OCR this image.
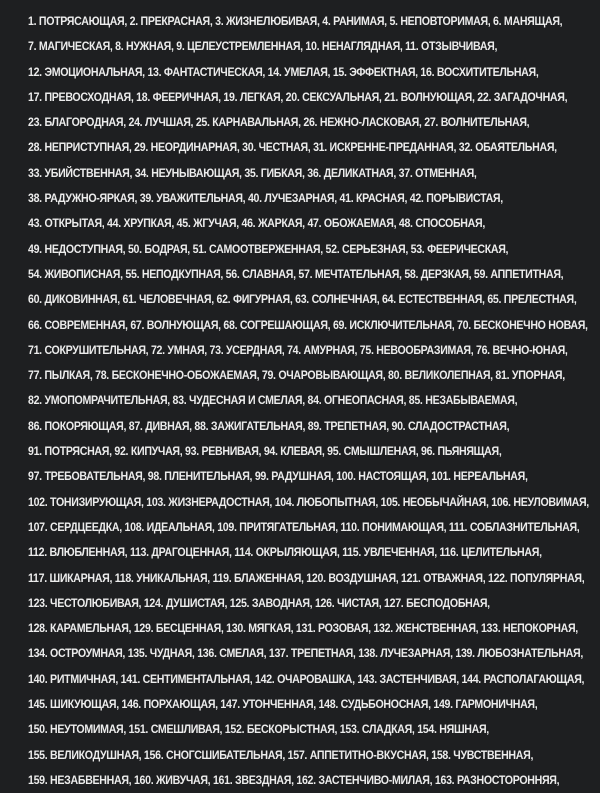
1. ПОТРЯСАЮЩАЯ, 2. ПРЕКРАСНАЯ, 3. ЖИЗНЕЛЮБИВАЯ, 4. РАНИМАЯ, 5. НЕПОВТОРИМАЯ, 6. МАНЯЩАЯ,
7. МАГИЧЕСКАЯ, 8. НУЖНАЯ, 9. ЦЕЛЕУСТРЕМЛЕННАЯ, 10. НЕНАГЛЯДНАЯ, 11. ОТЗЫВЧИВАЯ,
12. ЭМОЦИОНАЛЬНАЯ, 13. ФАНТАСТИЧЕСКАЯ, 14. УМЕЛАЯ, 15. ЭФФЕКТНАЯ, 16. ВОСХИТИТЕЛЬНАЯ,
17. ПРЕВОСХОДНАЯ, 18. ФЕЕРИЧНАЯ, 19. ЛЕГКАЯ, 20. СЕКСУАЛЬНАЯ, 21. ВОЛНУЮЩАЯ, 22. ЗАГАДОЧНАЯ,
23. БЛАГОРОДНАЯ, 24. ЛУЧШАЯ, 25. КАРНАВАЛЬНАЯ, 26. НЕЖНО-ЛАСКОВАЯ, 27. ВОЛНИТЕЛЬНАЯ,
28. НЕПРИСТУПНАЯ, 29. НЕОРДИНАРНАЯ, 30. ЧЕСТНАЯ, 31. ИСКРЕННЕ-ПРЕДАННАЯ, 32. ОБАЯТЕЛЬНАЯ,
33. УБИЙСТВЕННАЯ, 34. НЕУНЫВАЮЩАЯ, 35. ГИБКАЯ, 36. ДЕЛИКАТНАЯ, 37. ОТМЕННАЯ,
38. РАДУЖНО-ЯРКАЯ, 39. УВАЖИТЕЛЬНАЯ, 40. ЛУЧЕЗАРНАЯ, 41. КРАСНАЯ, 42. ПОРЫВИСТАЯ,
43. ОТКРЫТАЯ, 44. ХРУПКАЯ, 45. ЖГУЧАЯ, 46. ЖАРКАЯ, 47. ОБОЖАЕМАЯ, 48. СПОСОБНАЯ,
49. НЕДОСТУПНАЯ, 50. БОДРАЯ, 51. САМООТВЕРЖЕННАЯ, 52. СЕРЬЕЗНАЯ, 53. ФЕЕРИЧЕСКАЯ,
54. ЖИВОПИСНАЯ, 55. НЕПОДКУПНАЯ, 56. СЛАВНАЯ, 57. МЕЧТАТЕЛЬНАЯ, 58. ДЕРЗКАЯ, 59. АППЕТИТНАЯ,
60. ДИКОВИННАЯ, 61. ЧЕЛОВЕЧНАЯ, 62. ФИГУРНАЯ, 63. СОЛНЕЧНАЯ, 64. ЕСТЕСТВЕННАЯ, 65. ПРЕЛЕСТНАЯ,
66. СОВРЕМЕННАЯ, 67. ВОЛНУЮЩАЯ, 68. СОГРЕШАЮЩАЯ, 69. ИСКЛЮЧИТЕЛЬНАЯ, 70. БЕСКОНЕЧНО НОВАЯ,
71. СОКРУШИТЕЛЬНАЯ, 72. УМНАЯ, 73. УСЕРДНАЯ, 74. АМУРНАЯ, 75. НЕВООБРАЗИМАЯ, 76. ВЕЧНО-ЮНАЯ,
77. ПЫЛКАЯ, 78. БЕСКОНЕЧНО-ОБОЖАЕМАЯ, 79. ОЧАРОВЫВАЮЩАЯ, 80. ВЕЛИКОЛЕПНАЯ, 81. УПОРНАЯ,
82. УМОПОМРАЧИТЕЛЬНАЯ, 83. ЧУДЕСНАЯ И СМЕЛАЯ, 84. ОГНЕОПАСНАЯ, 85. НЕЗАБЫВАЕМАЯ,
86. ПОКОРЯЮЩАЯ, 87. ДИВНАЯ, 88. ЗАЖИГАТЕЛЬНАЯ, 89. ТРЕПЕТНАЯ, 90. СЛАДОСТРАСТНАЯ,
91. ПОТРЯСНАЯ, 92. КИПУЧАЯ, 93. РЕВНИВАЯ, 94. КЛЕВАЯ, 95. СМЫШЛЕНАЯ, 96. ПЬЯНЯЩАЯ,
97. ТРЕБОВАТЕЛЬНАЯ, 98. ПЛЕНИТЕЛЬНАЯ, 99. РАДУШНАЯ, 100. НАСТОЯЩАЯ, 101. НЕРЕАЛЬНАЯ,
102. ТОНИЗИРУЮЩАЯ, 103. ЖИЗНЕРАДОСТНАЯ, 104. ЛЮБОПЫТНАЯ, 105. НЕОБЫЧАЙНАЯ, 106. НЕУЛОВИМАЯ,
107. СЕРДЦЕЕДКА, 108. ИДЕАЛЬНАЯ, 109. ПРИТЯГАТЕЛЬНАЯ, 110. ПОНИМАЮЩАЯ, 111. СОБЛАЗНИТЕЛЬНАЯ,
112. ВЛЮБЛЕННАЯ, 113. ДРАГОЦЕННАЯ, 114. ОКРЫЛЯЮЩАЯ, 115. УВЛЕЧЕННАЯ, 116. ЦЕЛИТЕЛЬНАЯ,
117. ШИКАРНАЯ, 118. УНИКАЛЬНАЯ, 119. БЛАЖЕННАЯ, 120. ВОЗДУШНАЯ, 121. ОТВАЖНАЯ, 122. ПОПУЛЯРНАЯ,
123. ЧЕСТОЛЮБИВАЯ, 124. ДУШИСТАЯ, 125. ЗАВОДНАЯ, 126. ЧИСТАЯ, 127. БЕСПОДОБНАЯ,
128. КАРАМЕЛЬНАЯ, 129. БЕСЦЕННАЯ, 130. МЯГКАЯ, 131. РОЗОВАЯ, 132. ЖЕНСТВЕННАЯ, 133. НЕПОКОРНАЯ,
134. ОСТРОУМНАЯ, 135. ЧУДНАЯ, 136. СМЕЛАЯ, 137. ТРЕПЕТНАЯ, 138. ЛУЧЕЗАРНАЯ, 139. ЛЮБОЗНАТЕЛЬНАЯ,
140. РИТМИЧНАЯ, 141. СЕНТИМЕНТАЛЬНАЯ, 142. ОЧАРОВАШКА, 143. ЗАСТЕНЧИВАЯ, 144. РАСПОЛАГАЮЩАЯ,
145. ШИКУЮЩАЯ, 146. ПОРХАЮЩАЯ, 147. УТОНЧЕННАЯ, 148. СУДЬБОНОСНАЯ, 149. ГАРМОНИЧНАЯ,
150. НЕУТОМИМАЯ, 151. СМЕШЛИВАЯ, 152. БЕСКОРЫСТНАЯ, 153. СЛАДКАЯ, 154. НЯШНАЯ,
155. ВЕЛИКОДУШНАЯ, 156. СНОГСШИБАТЕЛЬНАЯ, 157. АППЕТИТНО-ВКУСНАЯ, 158. ЧУВСТВЕННАЯ,
159. НЕЗАБВЕННАЯ, 160. ЖИВУЧАЯ, 161. ЗВЕЗДНАЯ, 162. ЗАСТЕНЧИВО-МИЛАЯ, 163. РАЗНОСТОРОННЯЯ,
